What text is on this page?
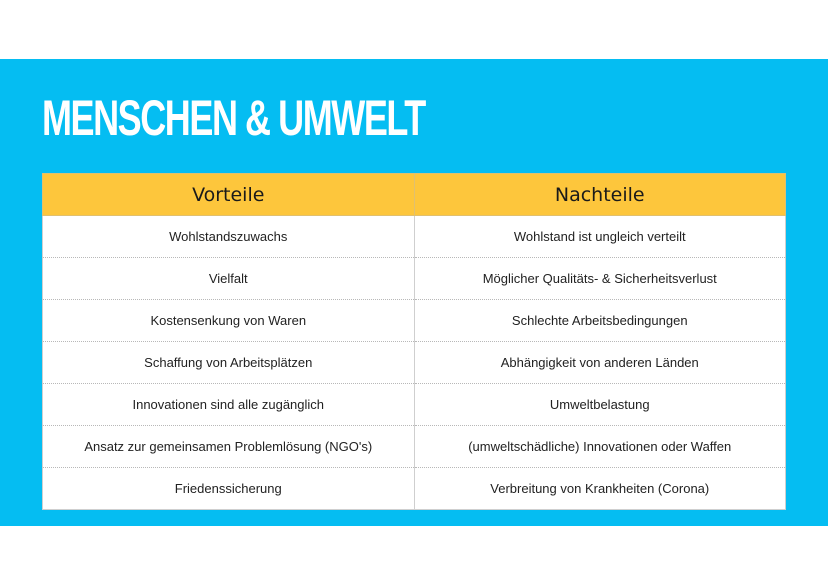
MENSCHEN & UMWELT
Vorteile	Nachteile
Wohlstandszuwachs	Wohlstand ist ungleich verteilt
Vielfalt	Möglicher Qualitäts- & Sicherheitsverlust
Kostensenkung von Waren	Schlechte Arbeitsbedingungen
Schaffung von Arbeitsplätzen	Abhängigkeit von anderen Länden
Innovationen sind alle zugänglich	Umweltbelastung
Ansatz zur gemeinsamen Problemlösung (NGO's)	(umweltschädliche) Innovationen oder Waffen
Friedenssicherung	Verbreitung von Krankheiten (Corona)
